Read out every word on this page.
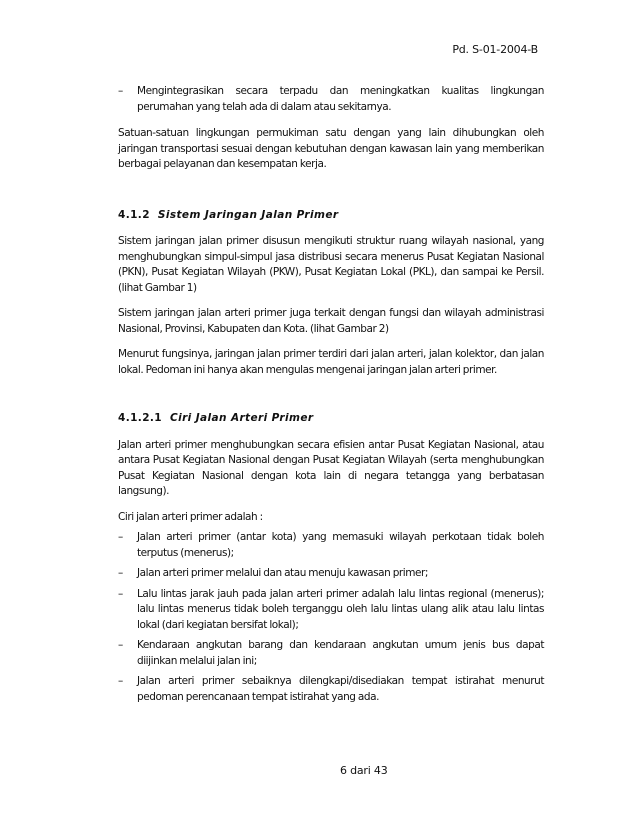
Pd. S-01-2004-B
– Mengintegrasikan secara terpadu dan meningkatkan kualitas lingkungan perumahan yang telah ada di dalam atau sekitarnya.

Satuan-satuan lingkungan permukiman satu dengan yang lain dihubungkan oleh jaringan transportasi sesuai dengan kebutuhan dengan kawasan lain yang memberikan berbagai pelayanan dan kesempatan kerja.

4.1.2 Sistem Jaringan Jalan Primer

Sistem jaringan jalan primer disusun mengikuti struktur ruang wilayah nasional, yang menghubungkan simpul-simpul jasa distribusi secara menerus Pusat Kegiatan Nasional (PKN), Pusat Kegiatan Wilayah (PKW), Pusat Kegiatan Lokal (PKL), dan sampai ke Persil. (lihat Gambar 1)

Sistem jaringan jalan arteri primer juga terkait dengan fungsi dan wilayah administrasi Nasional, Provinsi, Kabupaten dan Kota. (lihat Gambar 2)

Menurut fungsinya, jaringan jalan primer terdiri dari jalan arteri, jalan kolektor, dan jalan lokal. Pedoman ini hanya akan mengulas mengenai jaringan jalan arteri primer.

4.1.2.1 Ciri Jalan Arteri Primer

Jalan arteri primer menghubungkan secara efisien antar Pusat Kegiatan Nasional, atau antara Pusat Kegiatan Nasional dengan Pusat Kegiatan Wilayah (serta menghubungkan Pusat Kegiatan Nasional dengan kota lain di negara tetangga yang berbatasan langsung).

Ciri jalan arteri primer adalah :

– Jalan arteri primer (antar kota) yang memasuki wilayah perkotaan tidak boleh terputus (menerus);
– Jalan arteri primer melalui dan atau menuju kawasan primer;
– Lalu lintas jarak jauh pada jalan arteri primer adalah lalu lintas regional (menerus); lalu lintas menerus tidak boleh terganggu oleh lalu lintas ulang alik atau lalu lintas lokal (dari kegiatan bersifat lokal);
– Kendaraan angkutan barang dan kendaraan angkutan umum jenis bus dapat diijinkan melalui jalan ini;
– Jalan arteri primer sebaiknya dilengkapi/disediakan tempat istirahat menurut pedoman perencanaan tempat istirahat yang ada.
6 dari 43
